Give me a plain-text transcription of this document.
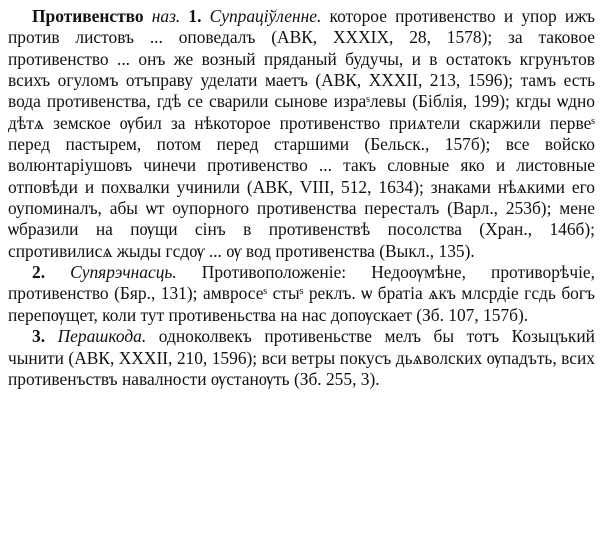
Противенство наз. 1. Супраціўленне. которое противенство и упор ижъ против листовъ ... оповедалъ (АВК, ХХХІХ, 28, 1578); за таковое противенство ... онъ же возный пряданый будучы, и в остатокъ кгрунътов всихъ огуломъ отъправу уделати маетъ (АВК, ХХХІІ, 213, 1596); тамъ есть вода противенства, гдѣ се сварили сынове израˢлевы (Біблія, 199); кгды ѡдно дѣтѧ земское ѹбил за нѣкоторое противенство приѧтели скаржили первеˢ перед пастырем, потом перед старшими (Бельск., 157б); все войско волюнтаріушовъ чинечи противенство ... такъ словные яко и листовные отповѣди и похвалки учинили (АВК, VIII, 512, 1634); знаками нѣѧкими его оупоминалъ, абы ѡт оупорного противенства пересталъ (Варл., 253б); мене ѡбразили на пѹщи сінъ в противенствѣ посолства (Хран., 146б); спротивилисѧ жыды гсдѹ ... ѹ вод противенства (Выкл., 135).

2. Супярэчнасць. Противоположеніе: Недоѹмѣне, противорѣчіе, противенство (Бяр., 131); амвросеˢ стыˢ реклъ. ѡ братіа ѧкъ млсрдіе гсдь богъ перепѹщет, коли тут противеньства на нас допѹскает (Зб. 107, 157б).

3. Перашкода. одноколвекъ противеньстве мелъ бы тотъ Козыцъкий чынити (АВК, ХХХІІ, 210, 1596); вси ветры покусъ дьѧволских ѹпадъть, всих противенъствъ навалности ѹстанѹть (Зб. 255, 3).
